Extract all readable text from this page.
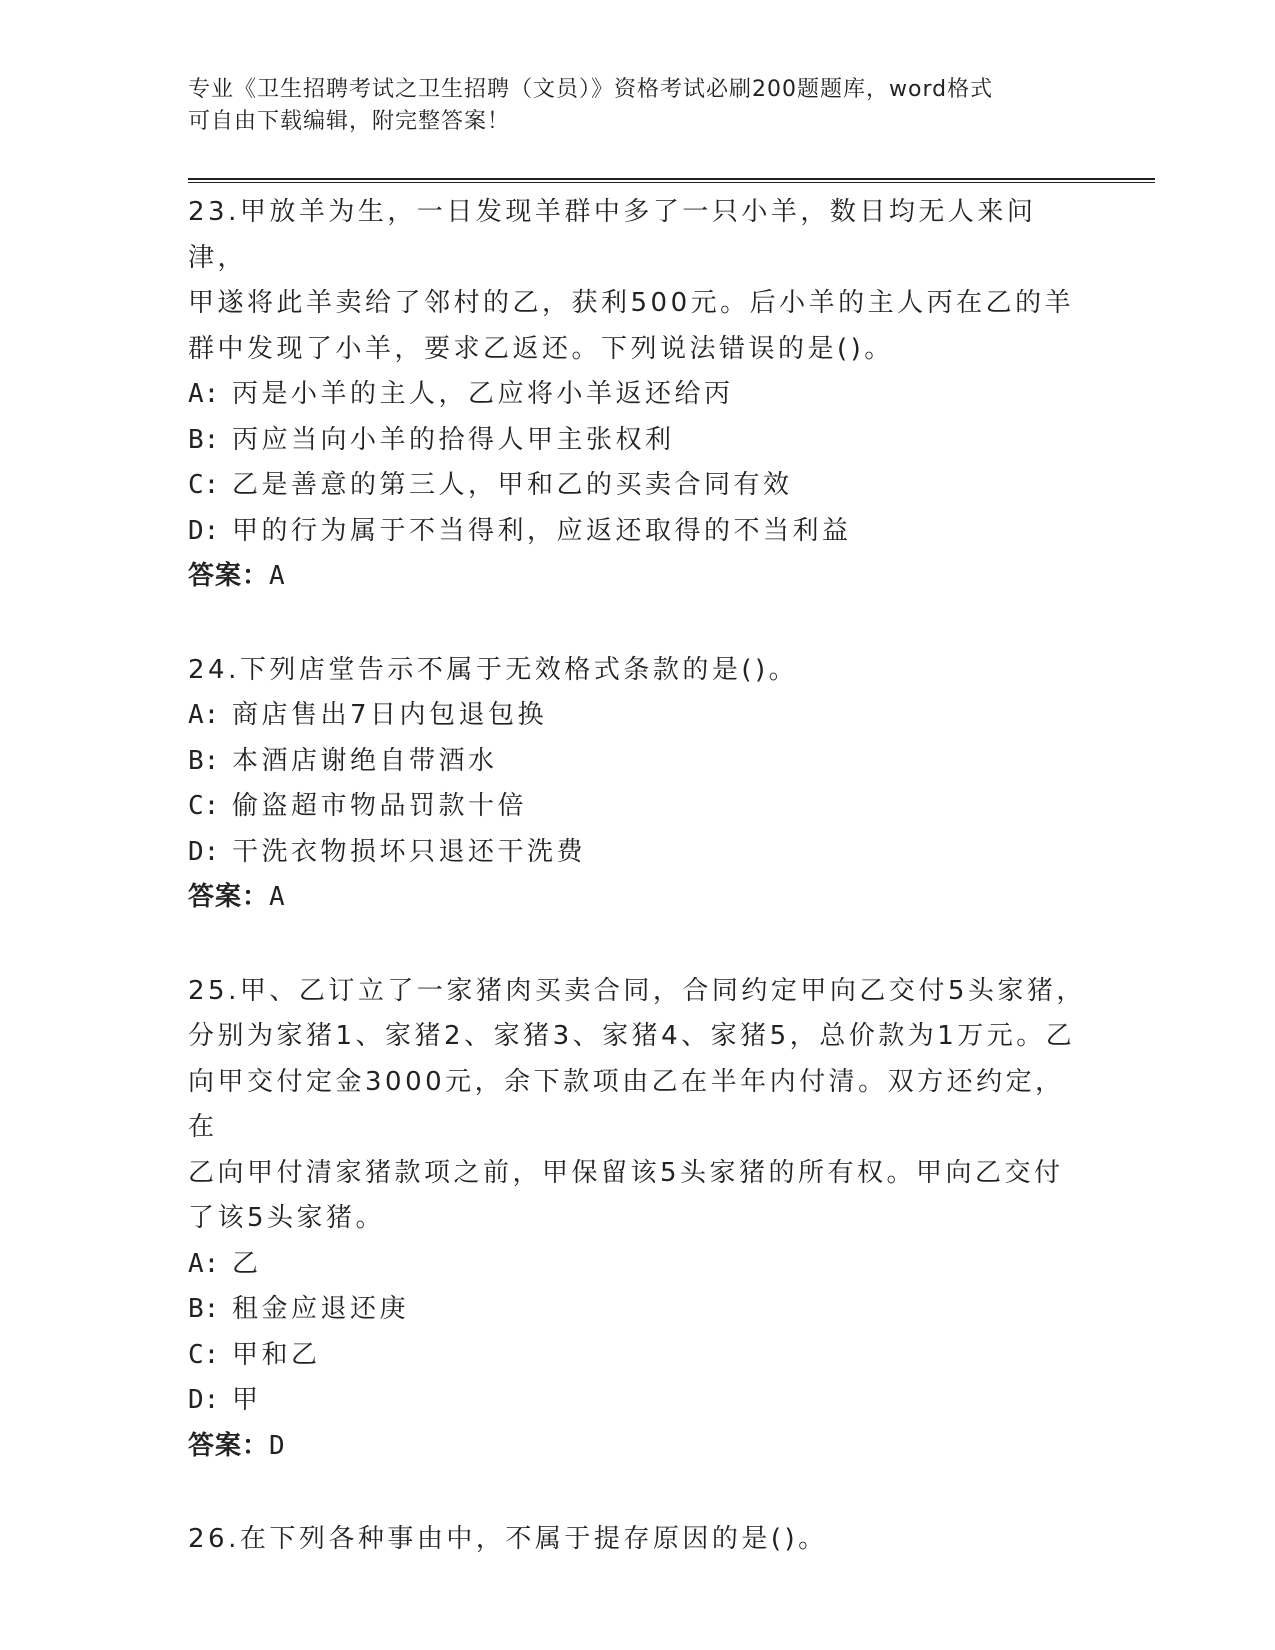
专业《卫生招聘考试之卫生招聘（文员）》资格考试必刷200题题库，word格式
可自由下载编辑，附完整答案！

23.甲放羊为生，一日发现羊群中多了一只小羊，数日均无人来问津，

甲遂将此羊卖给了邻村的乙，获利500元。后小羊的主人丙在乙的羊

群中发现了小羊，要求乙返还。下列说法错误的是()。

A: 丙是小羊的主人，乙应将小羊返还给丙
B: 丙应当向小羊的拾得人甲主张权利
C: 乙是善意的第三人，甲和乙的买卖合同有效
D: 甲的行为属于不当得利，应返还取得的不当利益

答案：A

24.下列店堂告示不属于无效格式条款的是()。

A: 商店售出7日内包退包换
B: 本酒店谢绝自带酒水
C: 偷盗超市物品罚款十倍
D: 干洗衣物损坏只退还干洗费

答案：A

25.甲、乙订立了一家猪肉买卖合同，合同约定甲向乙交付5头家猪，

分别为家猪1、家猪2、家猪3、家猪4、家猪5，总价款为1万元。乙

向甲交付定金3000元，余下款项由乙在半年内付清。双方还约定，在

乙向甲付清家猪款项之前，甲保留该5头家猪的所有权。甲向乙交付

了该5头家猪。

A: 乙
B: 租金应退还庚
C: 甲和乙
D: 甲

答案：D

26.在下列各种事由中，不属于提存原因的是()。
